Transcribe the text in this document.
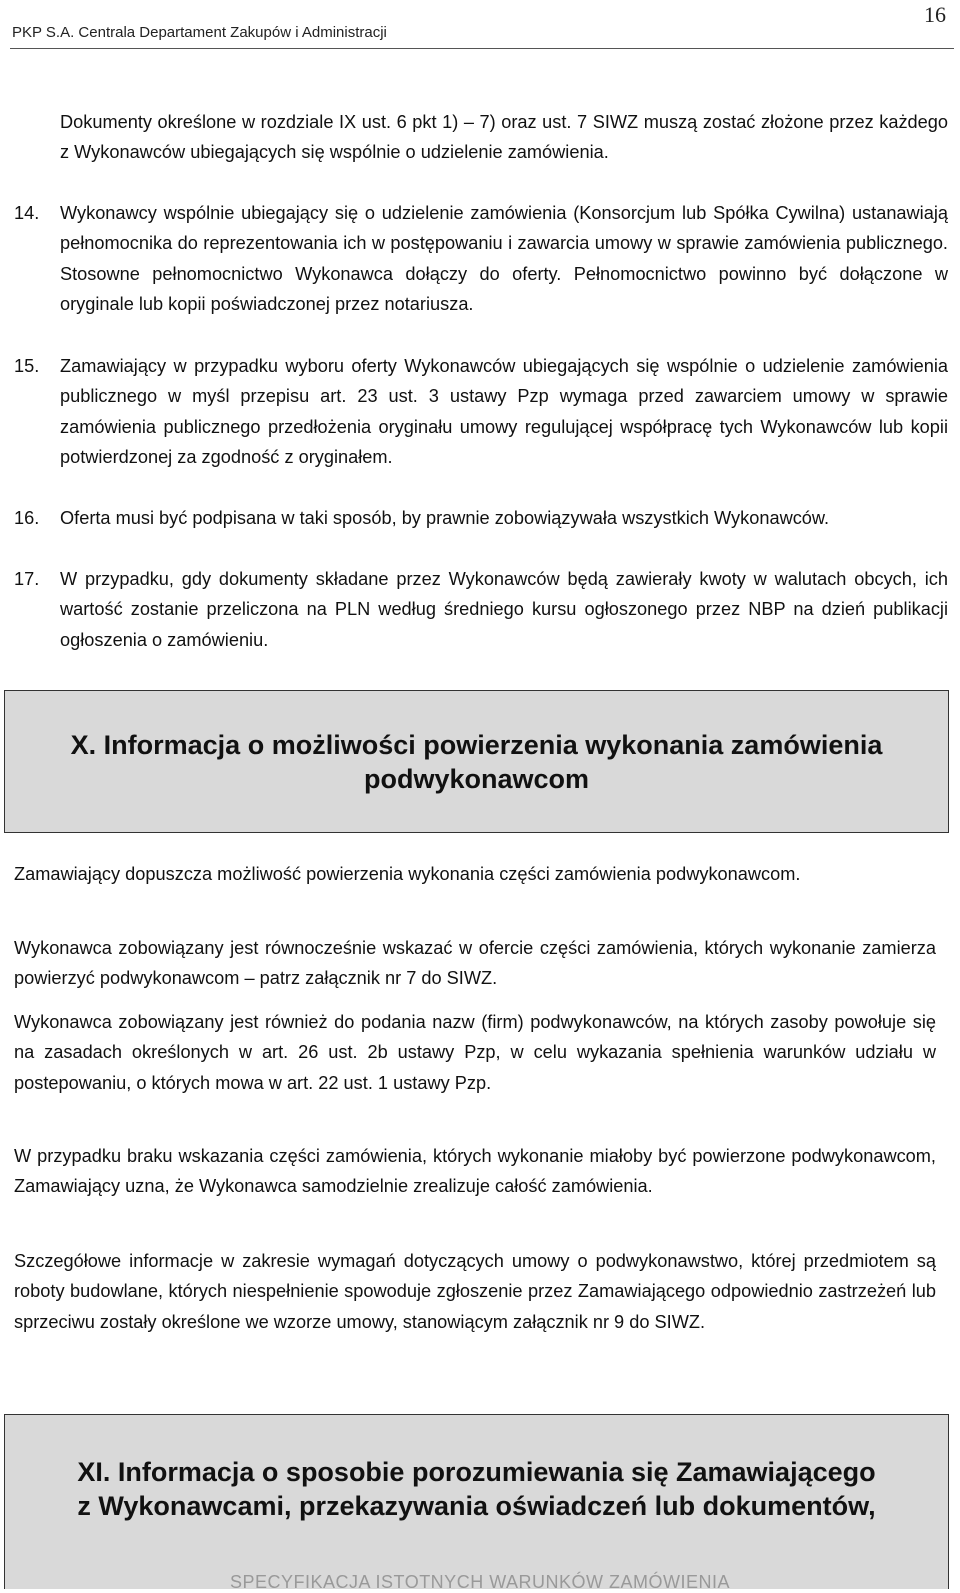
16
PKP S.A. Centrala Departament Zakupów i Administracji

Dokumenty określone w rozdziale IX ust. 6 pkt 1) – 7) oraz ust. 7 SIWZ muszą zostać złożone przez każdego z Wykonawców ubiegających się wspólnie o udzielenie zamówienia.

14. Wykonawcy wspólnie ubiegający się o udzielenie zamówienia (Konsorcjum lub Spółka Cywilna) ustanawiają pełnomocnika do reprezentowania ich w postępowaniu i zawarcia umowy w sprawie zamówienia publicznego. Stosowne pełnomocnictwo Wykonawca dołączy do oferty. Pełnomocnictwo powinno być dołączone w oryginale lub kopii poświadczonej przez notariusza.
15. Zamawiający w przypadku wyboru oferty Wykonawców ubiegających się wspólnie o udzielenie zamówienia publicznego w myśl przepisu art. 23 ust. 3 ustawy Pzp wymaga przed zawarciem umowy w sprawie zamówienia publicznego przedłożenia oryginału umowy regulującej współpracę tych Wykonawców lub kopii potwierdzonej za zgodność z oryginałem.
16. Oferta musi być podpisana w taki sposób, by prawnie zobowiązywała wszystkich Wykonawców.
17. W przypadku, gdy dokumenty składane przez Wykonawców będą zawierały kwoty w walutach obcych, ich wartość zostanie przeliczona na PLN według średniego kursu ogłoszonego przez NBP na dzień publikacji ogłoszenia o zamówieniu.
X. Informacja o możliwości powierzenia wykonania zamówienia
podwykonawcom

Zamawiający dopuszcza możliwość powierzenia wykonania części zamówienia podwykonawcom.

Wykonawca zobowiązany jest równocześnie wskazać w ofercie części zamówienia, których wykonanie zamierza powierzyć podwykonawcom – patrz załącznik nr 7 do SIWZ.

Wykonawca zobowiązany jest również do podania nazw (firm) podwykonawców, na których zasoby powołuje się na zasadach określonych w art. 26 ust. 2b ustawy Pzp, w celu wykazania spełnienia warunków udziału w postepowaniu, o których mowa w art. 22 ust. 1 ustawy Pzp.

W przypadku braku wskazania części zamówienia, których wykonanie miałoby być powierzone podwykonawcom, Zamawiający uzna, że Wykonawca samodzielnie zrealizuje całość zamówienia.

Szczegółowe informacje w zakresie wymagań dotyczących umowy o podwykonawstwo, której przedmiotem są roboty budowlane, których niespełnienie spowoduje zgłoszenie przez Zamawiającego odpowiednio zastrzeżeń lub sprzeciwu zostały określone we wzorze umowy, stanowiącym załącznik nr 9 do SIWZ.

XI. Informacja o sposobie porozumiewania się Zamawiającego
z Wykonawcami, przekazywania oświadczeń lub dokumentów,
SPECYFIKACJA ISTOTNYCH WARUNKÓW ZAMÓWIENIA
